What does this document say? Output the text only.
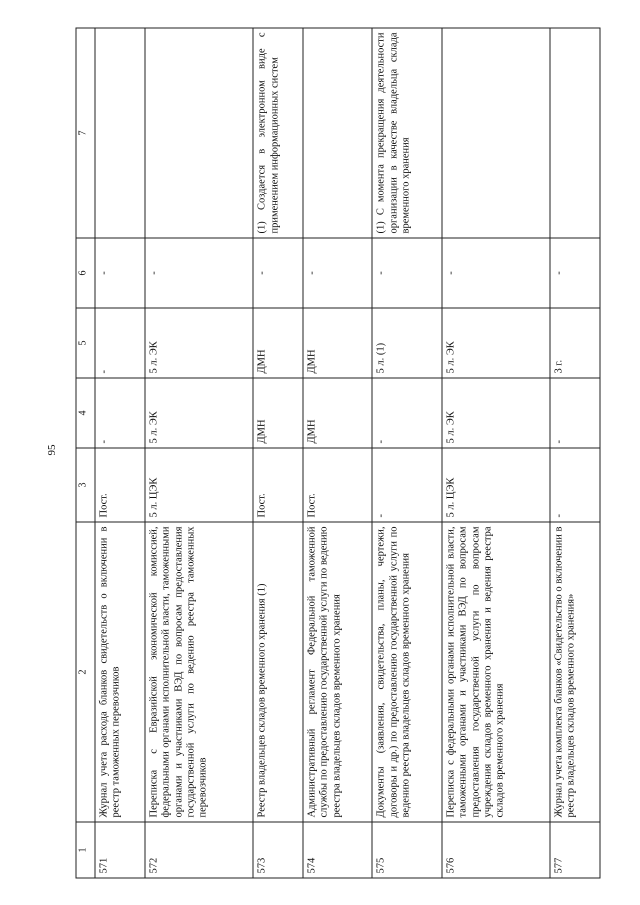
95
1	2	3	4	5	6	7
571	Журнал учета расхода бланков свидетельств о включении в реестр таможенных перевозчиков	Пост.	-	-	-	
572	Переписка с Евразийской экономической комиссией, федеральными органами исполнительной власти, таможенными органами и участниками ВЭД по вопросам предоставления государственной услуги по ведению реестра таможенных перевозчиков	5 л. ЦЭК	5 л. ЭК	5 л. ЭК	-	
573	Реестр владельцев складов временного хранения (1)	Пост.	ДМН	ДМН	-	(1) Создается в электронном виде с применением информационных систем
574	Административный регламент Федеральной таможенной службы по предоставлению государственной услуги по ведению реестра владельцев складов временного хранения	Пост.	ДМН	ДМН	-	
575	Документы (заявления, свидетельства, планы, чертежи, договоры и др.) по предоставлению государственной услуги по ведению реестра владельцев складов временного хранения	-	-	5 л. (1)	-	(1) С момента прекращения деятельности организации в качестве владельца склада временного хранения
576	Переписка с федеральными органами исполнительной власти, таможенными органами и участниками ВЭД по вопросам предоставления государственной услуги по вопросам учреждения складов временного хранения и ведения реестра складов временного хранения	5 л. ЦЭК	5 л. ЭК	5 л. ЭК	-	
577	Журнал учета комплекта бланков «Свидетельство о включении в реестр владельцев складов временного хранения»	-	-	3 г.	-	
